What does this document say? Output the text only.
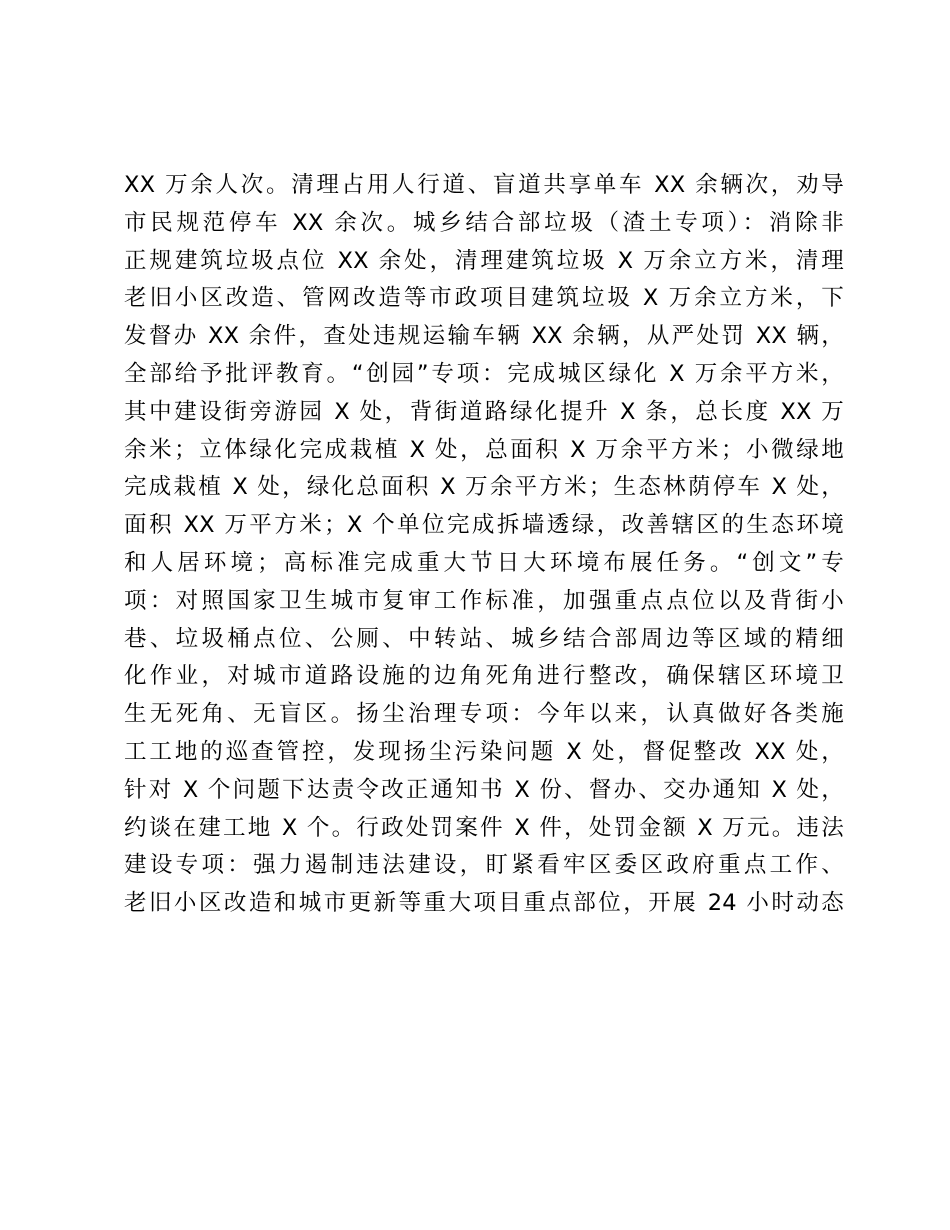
XX 万余人次。清理占用人行道、盲道共享单车 XX 余辆次，劝导
市民规范停车 XX 余次。城乡结合部垃圾（渣土专项）：消除非
正规建筑垃圾点位 XX 余处，清理建筑垃圾 X 万余立方米，清理
老旧小区改造、管网改造等市政项目建筑垃圾 X 万余立方米，下
发督办 XX 余件，查处违规运输车辆 XX 余辆，从严处罚 XX 辆，
全部给予批评教育。“创园”专项：完成城区绿化 X 万余平方米，
其中建设街旁游园 X 处，背街道路绿化提升 X 条，总长度 XX 万
余米；立体绿化完成栽植 X 处，总面积 X 万余平方米；小微绿地
完成栽植 X 处，绿化总面积 X 万余平方米；生态林荫停车 X 处，
面积 XX 万平方米；X 个单位完成拆墙透绿，改善辖区的生态环境
和人居环境；高标准完成重大节日大环境布展任务。“创文”专
项：对照国家卫生城市复审工作标准，加强重点点位以及背街小
巷、垃圾桶点位、公厕、中转站、城乡结合部周边等区域的精细
化作业，对城市道路设施的边角死角进行整改，确保辖区环境卫
生无死角、无盲区。扬尘治理专项：今年以来，认真做好各类施
工工地的巡查管控，发现扬尘污染问题 X 处，督促整改 XX 处，
针对 X 个问题下达责令改正通知书 X 份、督办、交办通知 X 处，
约谈在建工地 X 个。行政处罚案件 X 件，处罚金额 X 万元。违法
建设专项：强力遏制违法建设，盯紧看牢区委区政府重点工作、
老旧小区改造和城市更新等重大项目重点部位，开展 24 小时动态
